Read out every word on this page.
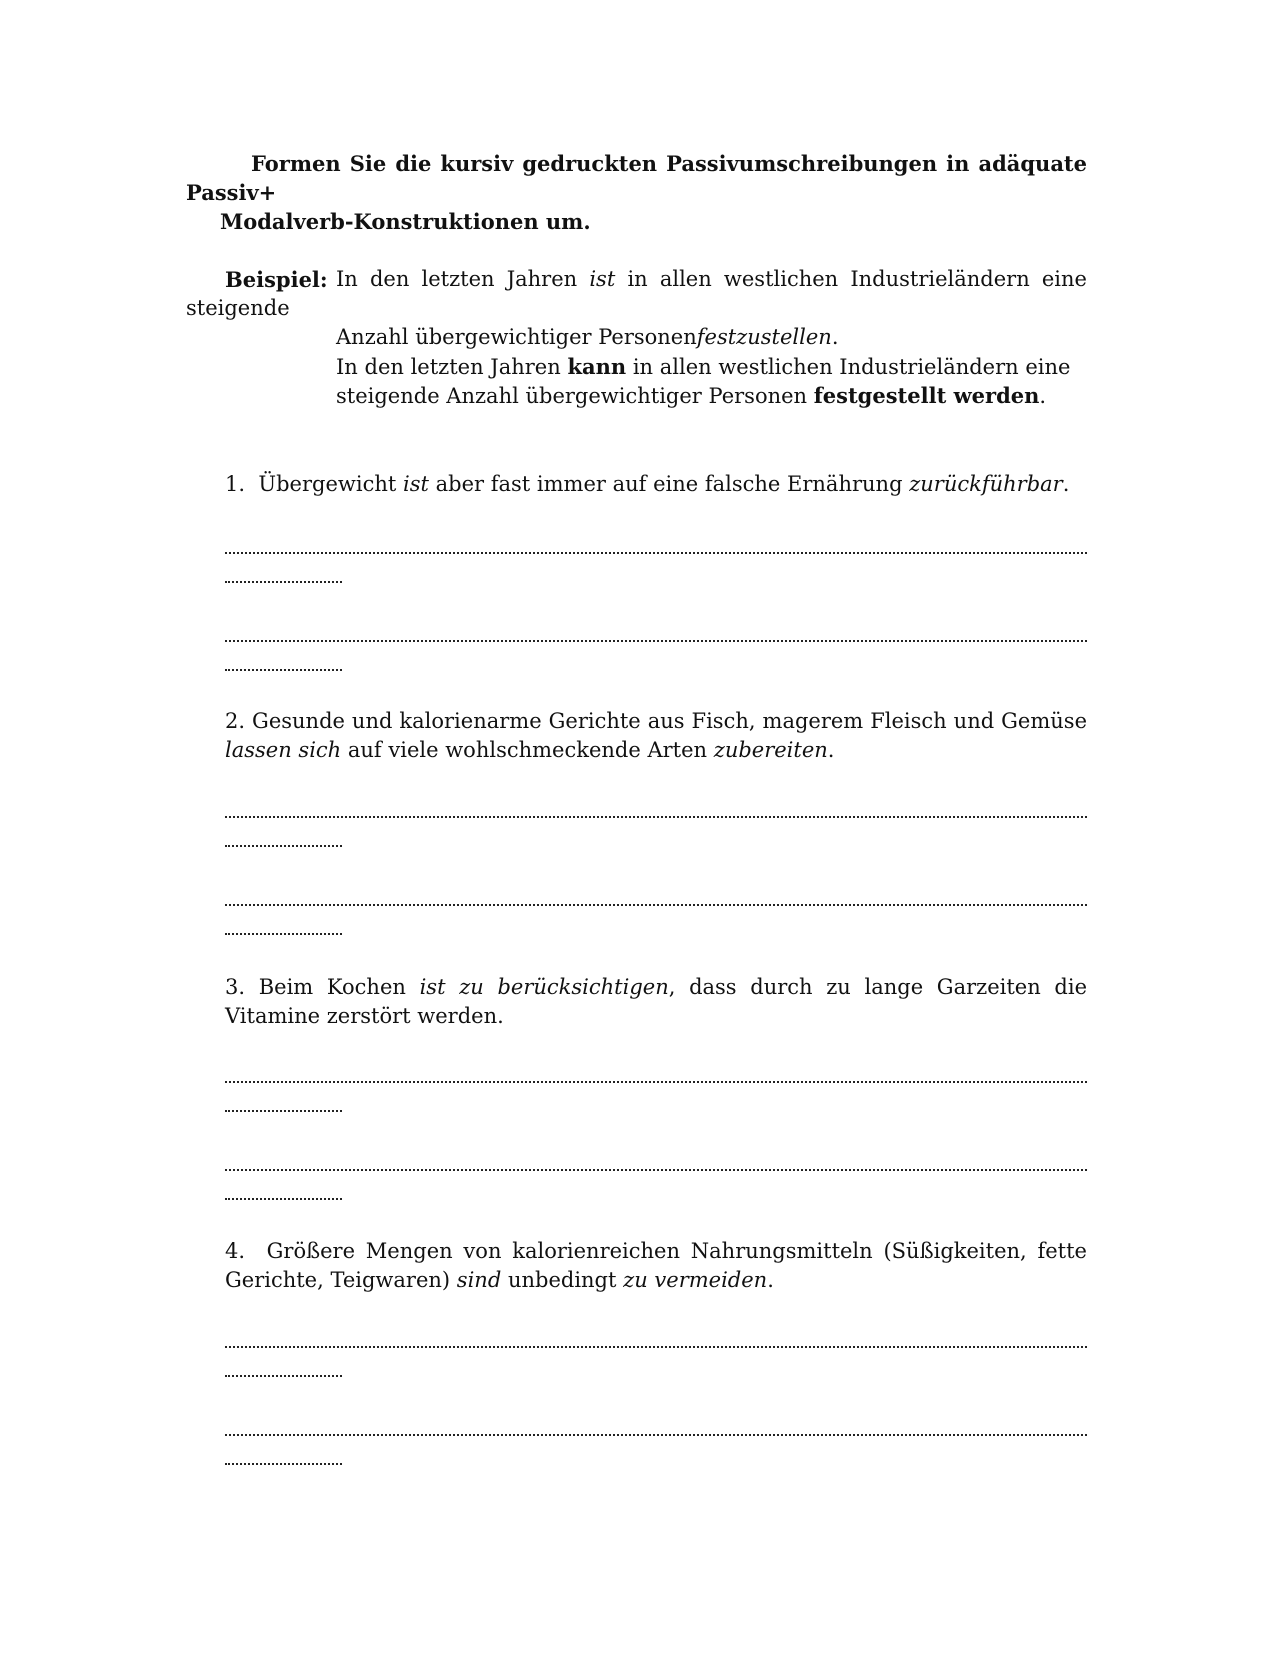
Formen Sie die kursiv gedruckten Passivumschreibungen in adäquate
Passiv+
Modalverb-Konstruktionen um.
Beispiel: In den letzten Jahren ist in allen westlichen Industrieländern eine
steigende
Anzahl übergewichtiger Personenfestzustellen.
In den letzten Jahren kann in allen westlichen Industrieländern eine
steigende Anzahl übergewichtiger Personen festgestellt werden.
1. Übergewicht ist aber fast immer auf eine falsche Ernährung zurückführbar.
2. Gesunde und kalorienarme Gerichte aus Fisch, magerem Fleisch und Gemüse
lassen sich auf viele wohlschmeckende Arten zubereiten.
3. Beim Kochen ist zu berücksichtigen, dass durch zu lange Garzeiten die
Vitamine zerstört werden.
4. Größere Mengen von kalorienreichen Nahrungsmitteln (Süßigkeiten, fette
Gerichte, Teigwaren) sind unbedingt zu vermeiden.
